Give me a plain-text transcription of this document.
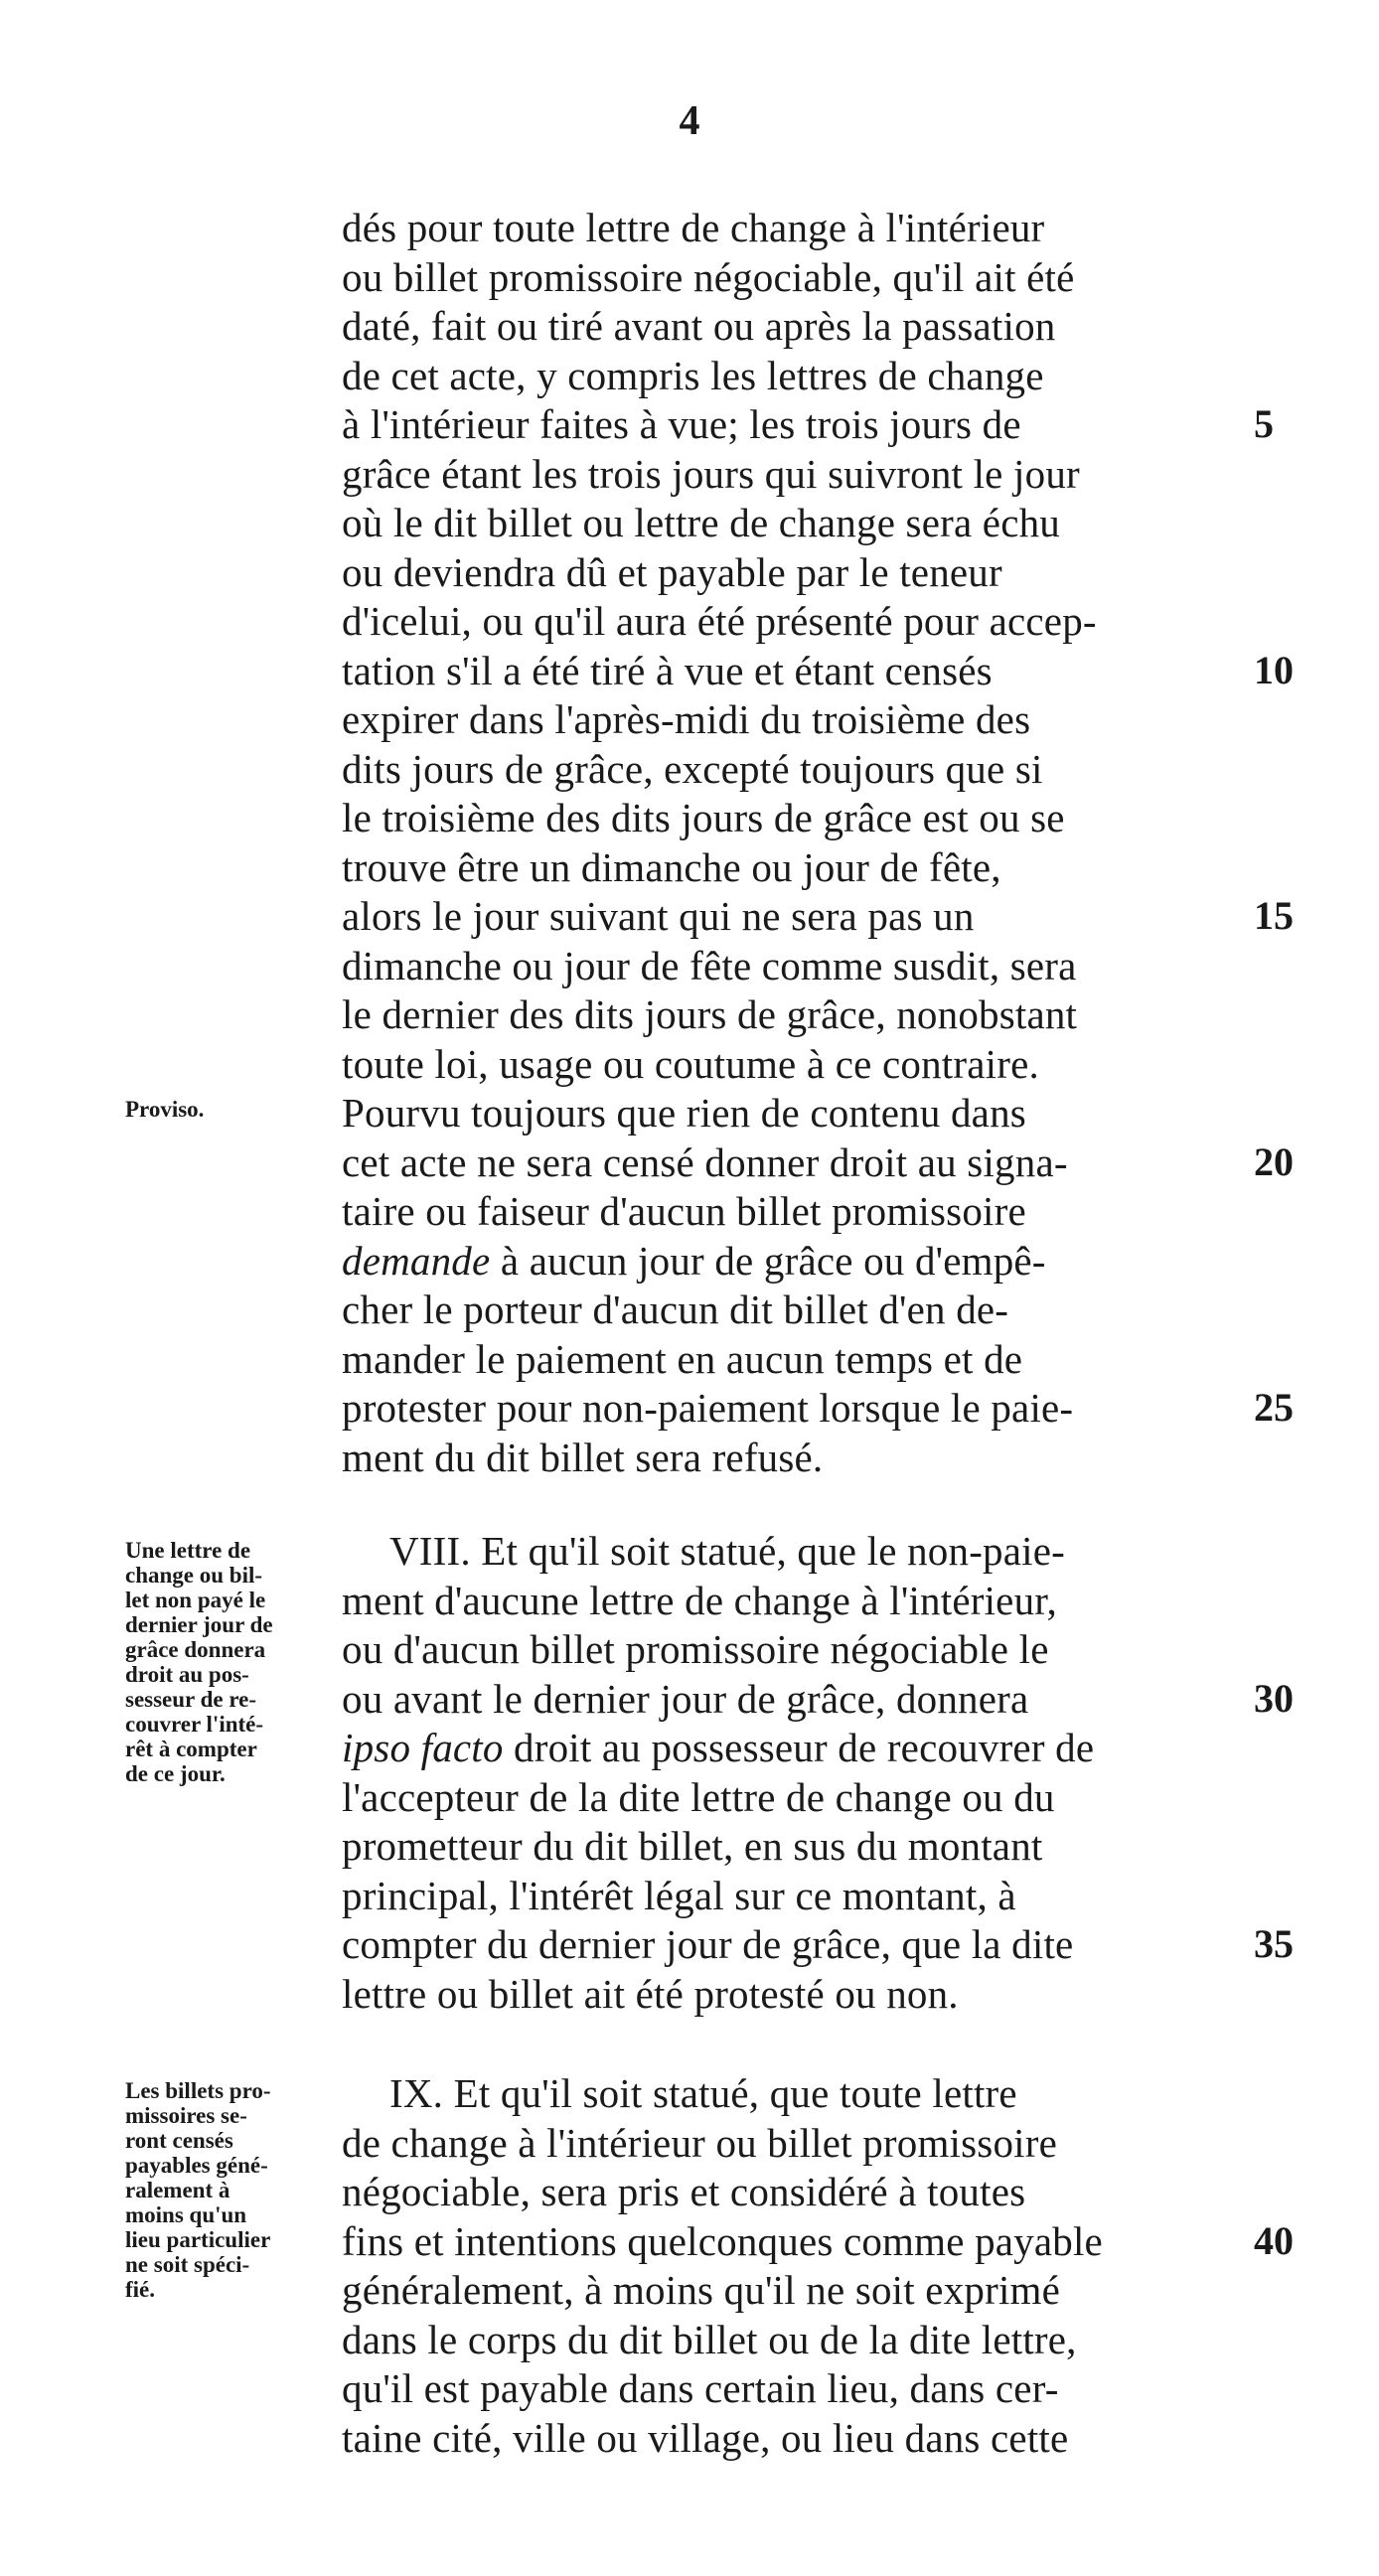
4
dés pour toute lettre de change à l'intérieur
ou billet promissoire négociable, qu'il ait été
daté, fait ou tiré avant ou après la passation
de cet acte, y compris les lettres de change
à l'intérieur faites à vue; les trois jours de
grâce étant les trois jours qui suivront le jour
où le dit billet ou lettre de change sera échu
ou deviendra dû et payable par le teneur
d'icelui, ou qu'il aura été présenté pour accep-
tation s'il a été tiré à vue et étant censés
expirer dans l'après-midi du troisième des
dits jours de grâce, excepté toujours que si
le troisième des dits jours de grâce est ou se
trouve être un dimanche ou jour de fête,
alors le jour suivant qui ne sera pas un
dimanche ou jour de fête comme susdit, sera
le dernier des dits jours de grâce, nonobstant
toute loi, usage ou coutume à ce contraire.
Pourvu toujours que rien de contenu dans
cet acte ne sera censé donner droit au signa-
taire ou faiseur d'aucun billet promissoire
demande à aucun jour de grâce ou d'empê-
cher le porteur d'aucun dit billet d'en de-
mander le paiement en aucun temps et de
protester pour non-paiement lorsque le paie-
ment du dit billet sera refusé.
VIII. Et qu'il soit statué, que le non-paie-
ment d'aucune lettre de change à l'intérieur,
ou d'aucun billet promissoire négociable le
ou avant le dernier jour de grâce, donnera
ipso facto droit au possesseur de recouvrer de
l'accepteur de la dite lettre de change ou du
prometteur du dit billet, en sus du montant
principal, l'intérêt légal sur ce montant, à
compter du dernier jour de grâce, que la dite
lettre ou billet ait été protesté ou non.
IX. Et qu'il soit statué, que toute lettre
de change à l'intérieur ou billet promissoire
négociable, sera pris et considéré à toutes
fins et intentions quelconques comme payable
généralement, à moins qu'il ne soit exprimé
dans le corps du dit billet ou de la dite lettre,
qu'il est payable dans certain lieu, dans cer-
taine cité, ville ou village, ou lieu dans cette
5
10
15
20
25
30
35
40
Proviso.
Une lettre de
change ou bil-
let non payé le
dernier jour de
grâce donnera
droit au pos-
sesseur de re-
couvrer l'inté-
rêt à compter
de ce jour.
Les billets pro-
missoires se-
ront censés
payables géné-
ralement à
moins qu'un
lieu particulier
ne soit spéci-
fié.
